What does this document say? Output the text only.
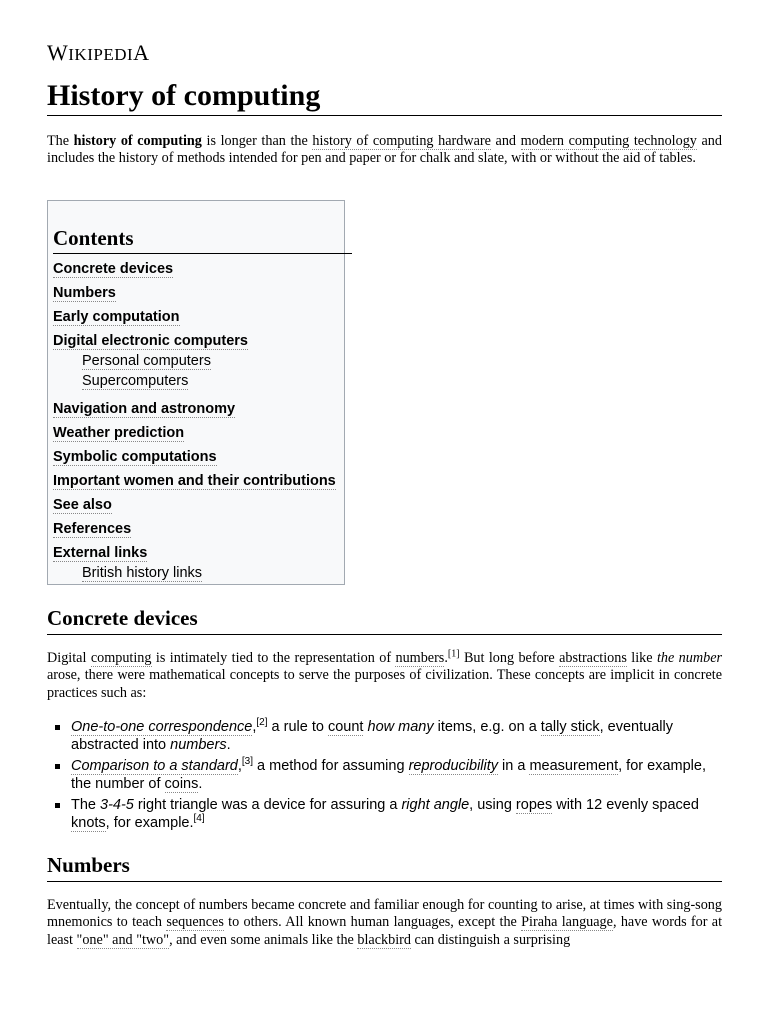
WIKIPEDIA
History of computing

The history of computing is longer than the history of computing hardware and modern computing technology and includes the history of methods intended for pen and paper or for chalk and slate, with or without the aid of tables.

Contents
Concrete devices
Numbers
Early computation
Digital electronic computers
Personal computers
Supercomputers
Navigation and astronomy
Weather prediction
Symbolic computations
Important women and their contributions
See also
References
External links
British history links
Concrete devices

Digital computing is intimately tied to the representation of numbers.[1] But long before abstractions like the number arose, there were mathematical concepts to serve the purposes of civilization. These concepts are implicit in concrete practices such as:

One-to-one correspondence,[2] a rule to count how many items, e.g. on a tally stick, eventually abstracted into numbers.
Comparison to a standard,[3] a method for assuming reproducibility in a measurement, for example, the number of coins.
The 3-4-5 right triangle was a device for assuring a right angle, using ropes with 12 evenly spaced knots, for example.[4]
Numbers

Eventually, the concept of numbers became concrete and familiar enough for counting to arise, at times with sing-song mnemonics to teach sequences to others. All known human languages, except the Piraha language, have words for at least "one" and "two", and even some animals like the blackbird can distinguish a surprising
